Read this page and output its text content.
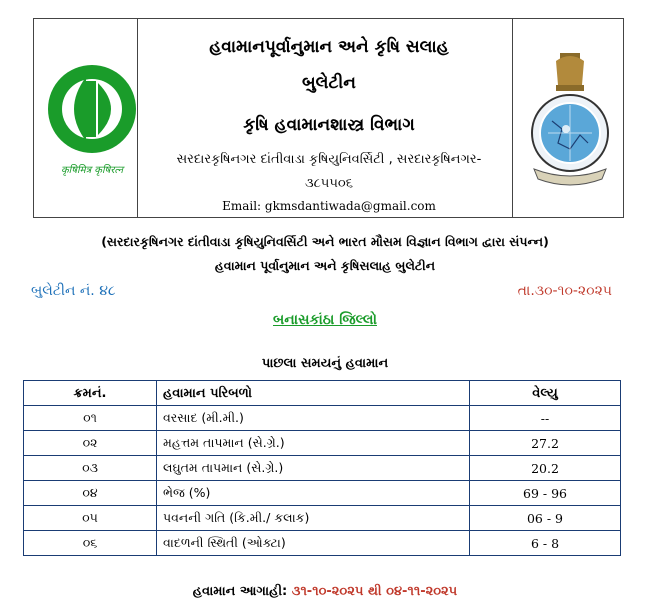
कृषिमित्र कृषिरत्न
હવામાનપૂર્વાનુમાન અને કૃષિ સલાહ
બુલેટીન
કૃષિ હવામાનશાસ્ત્ર વિભાગ
સરદારકૃષિનગર દાંતીવાડા કૃષિયુનિવર્સિટી , સરદારકૃષિનગર-
૩૮૫૫૦૬
Email: gkmsdantiwada@gmail.com
(સરદારકૃષિનગર દાંતીવાડા કૃષિયુનિવર્સિટી અને ભારત મૌસમ વિજ્ઞાન વિભાગ દ્વારા સંપન્ન)
હવામાન પૂર્વાનુમાન અને કૃષિસલાહ બુલેટીન
બુલેટીન નં. ૪૮	તા.૩૦-૧૦-૨૦૨૫
બનાસકાંઠા જિલ્લો
પાછલા સમયનું હવામાન
ક્રમનં.	હવામાન પરિબળો	વેલ્યુ
૦૧	વરસાદ (મી.મી.)	--
૦૨	મહત્તમ તાપમાન (સે.ગ્રે.)	27.2
૦૩	લઘુતમ તાપમાન (સે.ગ્રે.)	20.2
૦૪	ભેજ (%)	69 - 96
૦૫	પવનની ગતિ (કિ.મી./ કલાક)	06 - 9
૦૬	વાદળની સ્થિતી (ઓક્ટા)	6 - 8
હવામાન આગાહી: ૩૧-૧૦-૨૦૨૫ થી ૦૪-૧૧-૨૦૨૫
